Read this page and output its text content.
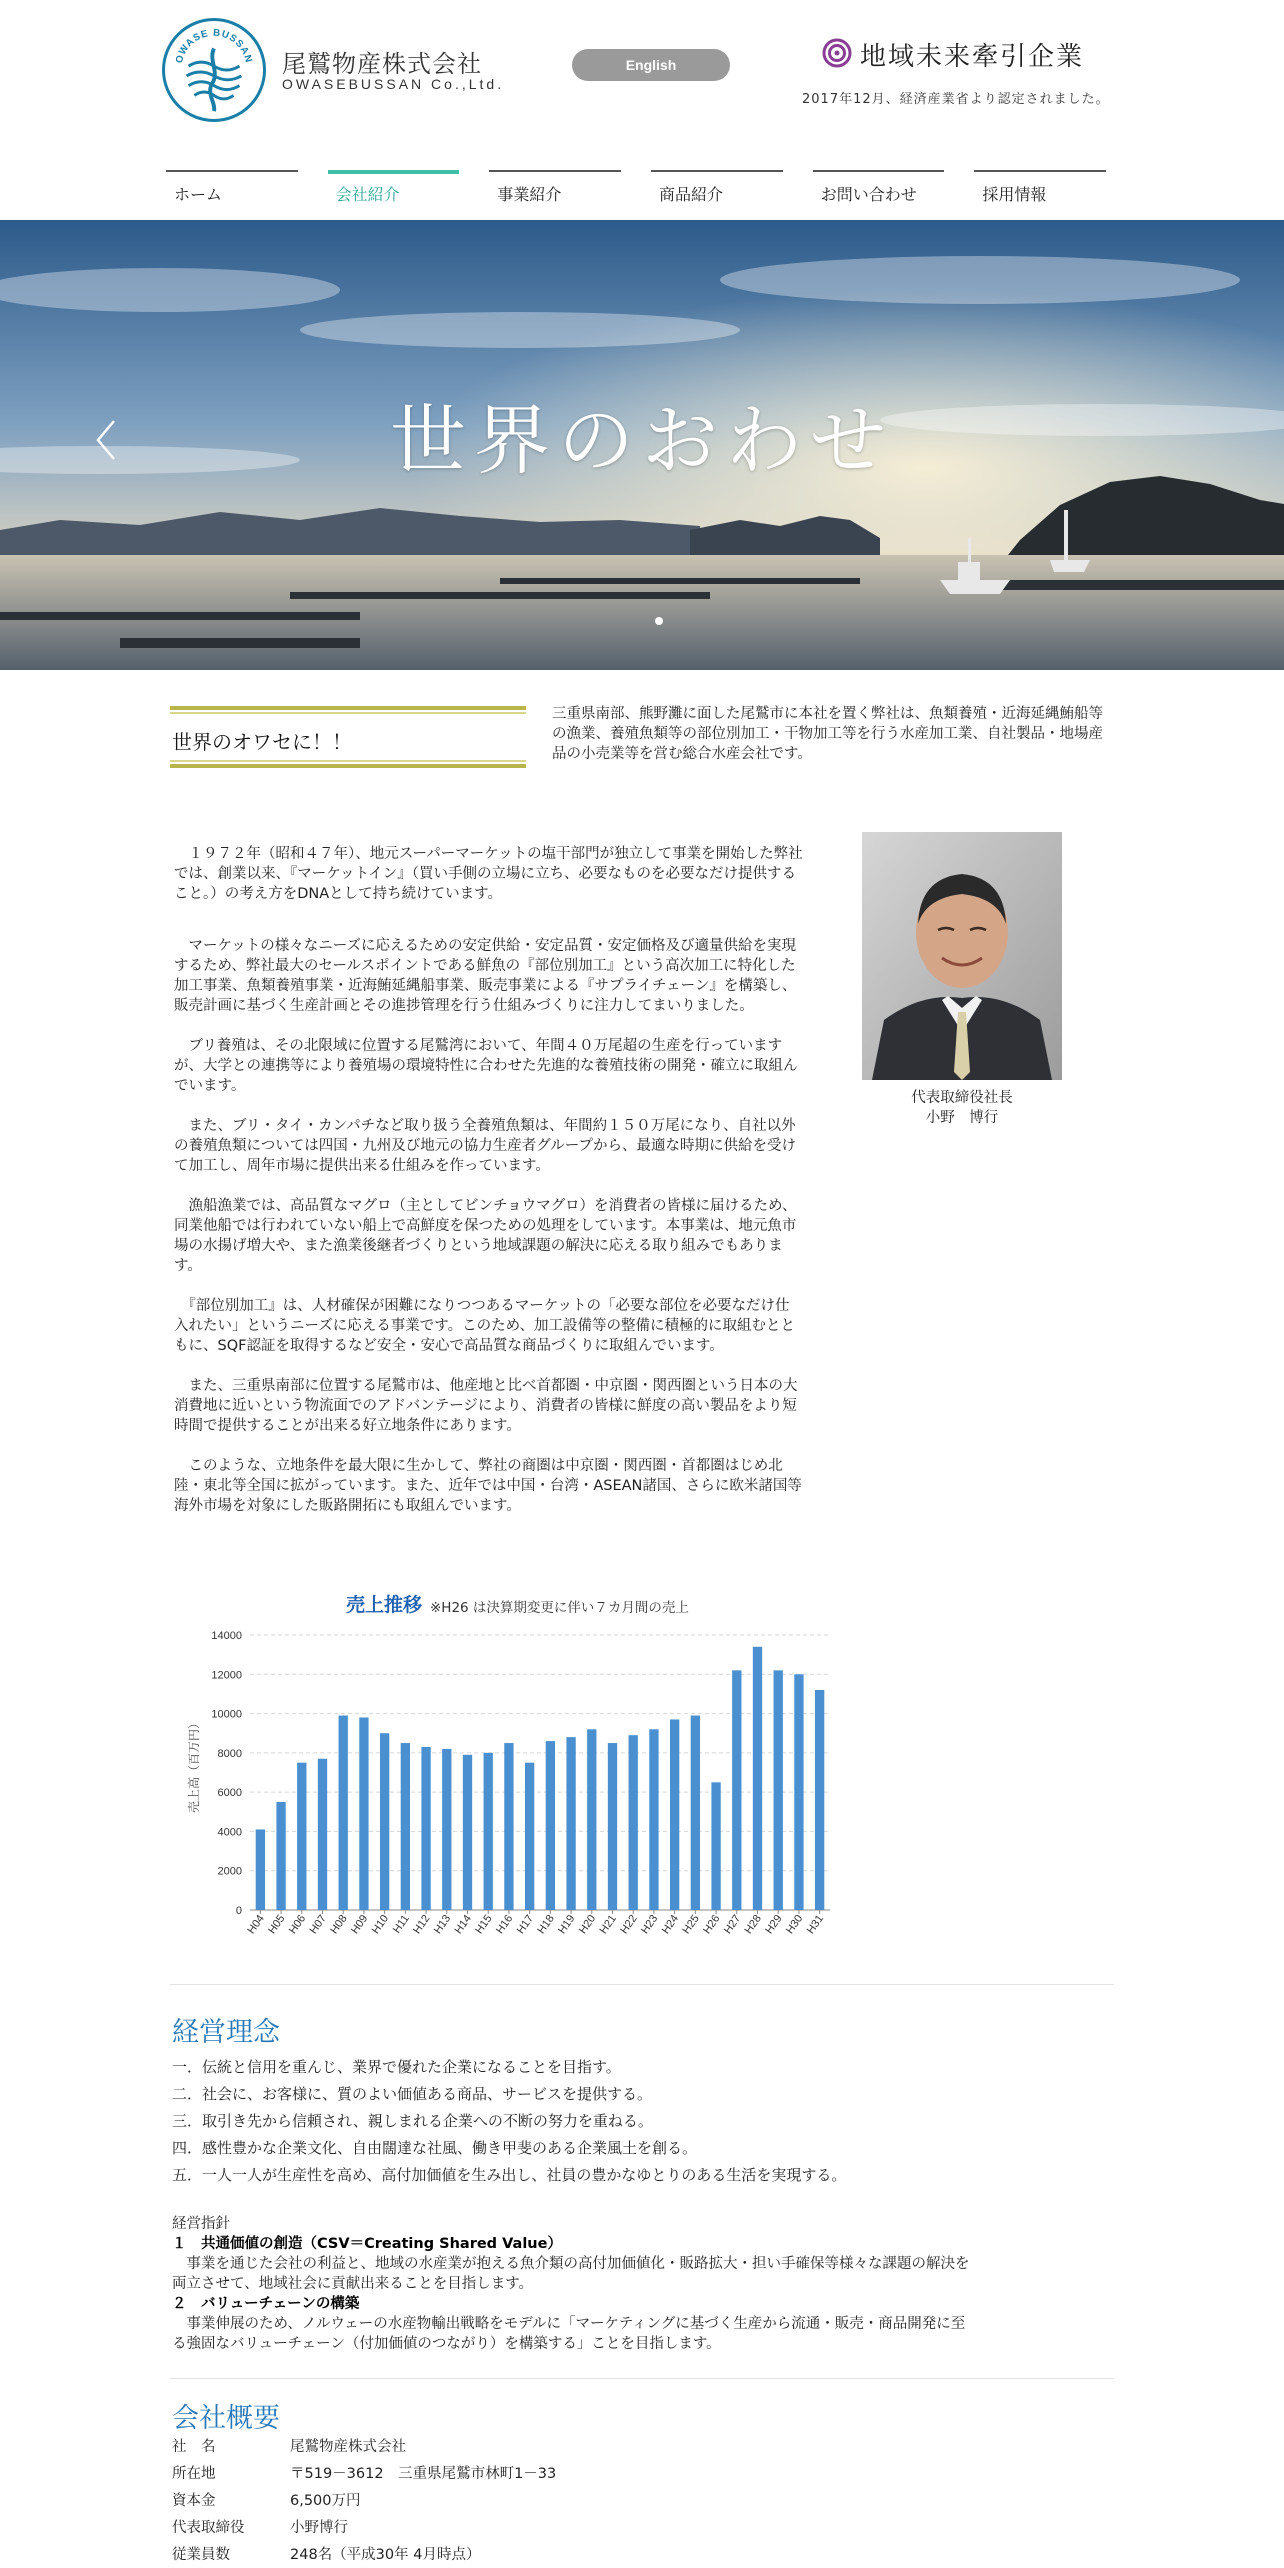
OWASE BUSSAN 尾鷲物産株式会社
OWASEBUSSAN Co.,Ltd.
English	地域未来牽引企業
2017年12月、経済産業省より認定されました。
ホーム	会社紹介	事業紹介	商品紹介	お問い合わせ	採用情報
世界のおわせ
世界のオワセに！！
三重県南部、熊野灘に面した尾鷲市に本社を置く弊社は、魚類養殖・近海延縄鮪船等の漁業、養殖魚類等の部位別加工・干物加工等を行う水産加工業、自社製品・地場産品の小売業等を営む総合水産会社です。

　１９７２年（昭和４７年）、地元スーパーマーケットの塩干部門が独立して事業を開始した弊社では、創業以来、『マーケットイン』（買い手側の立場に立ち、必要なものを必要なだけ提供すること。）の考え方をDNAとして持ち続けています。

　マーケットの様々なニーズに応えるための安定供給・安定品質・安定価格及び適量供給を実現するため、弊社最大のセールスポイントである鮮魚の『部位別加工』という高次加工に特化した加工事業、魚類養殖事業・近海鮪延縄船事業、販売事業による『サプライチェーン』を構築し、販売計画に基づく生産計画とその進捗管理を行う仕組みづくりに注力してまいりました。

　ブリ養殖は、その北限域に位置する尾鷲湾において、年間４０万尾超の生産を行っていますが、大学との連携等により養殖場の環境特性に合わせた先進的な養殖技術の開発・確立に取組んでいます。

　また、ブリ・タイ・カンパチなど取り扱う全養殖魚類は、年間約１５０万尾になり、自社以外の養殖魚類については四国・九州及び地元の協力生産者グループから、最適な時期に供給を受けて加工し、周年市場に提供出来る仕組みを作っています。

　漁船漁業では、高品質なマグロ（主としてビンチョウマグロ）を消費者の皆様に届けるため、同業他船では行われていない船上で高鮮度を保つための処理をしています。本事業は、地元魚市場の水揚げ増大や、また漁業後継者づくりという地域課題の解決に応える取り組みでもあります。

　『部位別加工』は、人材確保が困難になりつつあるマーケットの「必要な部位を必要なだけ仕入れたい」というニーズに応える事業です。このため、加工設備等の整備に積極的に取組むとともに、SQF認証を取得するなど安全・安心で高品質な商品づくりに取組んでいます。

　また、三重県南部に位置する尾鷲市は、他産地と比べ首都圏・中京圏・関西圏という日本の大消費地に近いという物流面でのアドバンテージにより、消費者の皆様に鮮度の高い製品をより短時間で提供することが出来る好立地条件にあります。

　このような、立地条件を最大限に生かして、弊社の商圏は中京圏・関西圏・首都圏はじめ北陸・東北等全国に拡がっています。また、近年では中国・台湾・ASEAN諸国、さらに欧米諸国等海外市場を対象にした販路開拓にも取組んでいます。

代表取締役社長
小野　博行
売上推移 ※H26 は決算期変更に伴い７カ月間の売上
0
2000
4000
6000
8000
10000
12000
14000
H04 H05 H06 H07 H08 H09 H10 H11 H12 H13 H14 H15 H16 H17 H18 H19 H20 H21 H22 H23 H24 H25 H26 H27 H28 H29 H30 H31
売上高（百万円）
経営理念
一．伝統と信用を重んじ、業界で優れた企業になることを目指す。
二．社会に、お客様に、質のよい価値ある商品、サービスを提供する。
三．取引き先から信頼され、親しまれる企業への不断の努力を重ねる。
四．感性豊かな企業文化、自由闊達な社風、働き甲斐のある企業風土を創る。
五．一人一人が生産性を高め、高付加価値を生み出し、社員の豊かなゆとりのある生活を実現する。
経営指針
１　共通価値の創造（CSV＝Creating Shared Value）
　事業を通じた会社の利益と、地域の水産業が抱える魚介類の高付加価値化・販路拡大・担い手確保等様々な課題の解決を両立させて、地域社会に貢献出来ることを目指します。
２　バリューチェーンの構築
　事業伸展のため、ノルウェーの水産物輸出戦略をモデルに「マーケティングに基づく生産から流通・販売・商品開発に至る強固なバリューチェーン（付加価値のつながり）を構築する」ことを目指します。
会社概要
社　名	尾鷲物産株式会社
所在地	〒519－3612　三重県尾鷲市林町1－33
資本金	6,500万円
代表取締役	小野博行
従業員数	248名（平成30年 4月時点）
